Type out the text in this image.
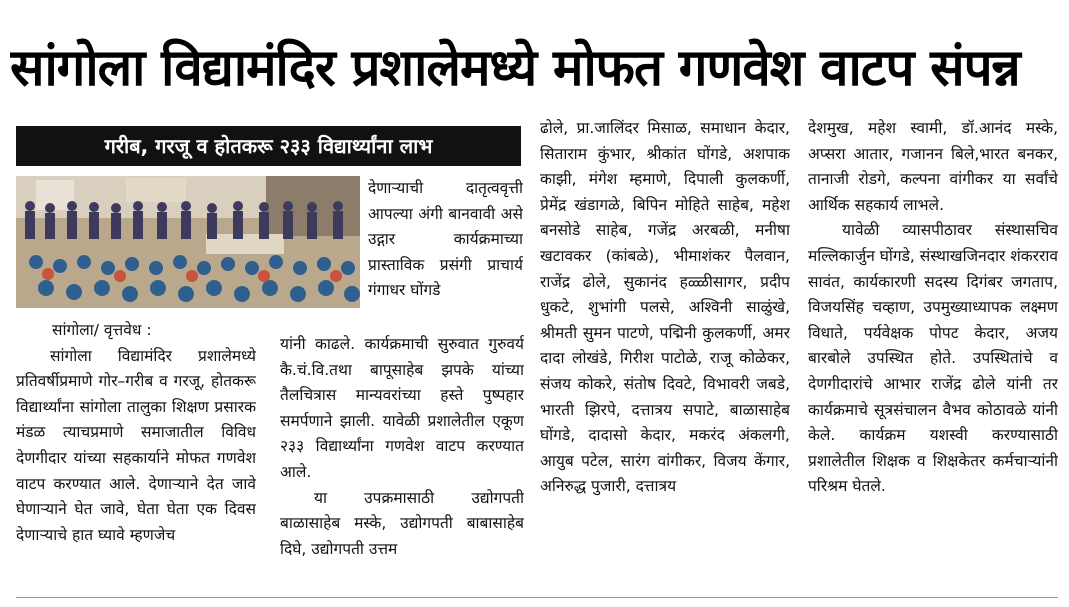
सांगोला विद्यामंदिर प्रशालेमध्ये मोफत गणवेश वाटप संपन्न
गरीब, गरजू व होतकरू २३३ विद्यार्थ्यांना लाभ

सांगोला/ वृत्तवेध :

सांगोला विद्यामंदिर प्रशालेमध्ये प्रतिवर्षीप्रमाणे गोर–गरीब व गरजू, होतकरू विद्यार्थ्यांना सांगोला तालुका शिक्षण प्रसारक मंडळ त्याचप्रमाणे समाजातील विविध देणगीदार यांच्या सहकार्याने मोफत गणवेश वाटप करण्यात आले. देणाऱ्याने देत जावे घेणाऱ्याने घेत जावे, घेता घेता एक दिवस देणाऱ्याचे हात घ्यावे म्हणजेच

देणाऱ्याची दातृत्ववृत्ती आपल्या अंगी बानवावी असे उद्गार कार्यक्रमाच्या प्रास्ताविक प्रसंगी प्राचार्य गंगाधर घोंगडे

यांनी काढले. कार्यक्रमाची सुरुवात गुरुवर्य कै.चं.वि.तथा बापूसाहेब झपके यांच्या तैलचित्रास मान्यवरांच्या हस्ते पुष्पहार समर्पणाने झाली. यावेळी प्रशालेतील एकूण २३३ विद्यार्थ्यांना गणवेश वाटप करण्यात आले.

या उपक्रमासाठी उद्योगपती बाळासाहेब मस्के, उद्योगपती बाबासाहेब दिघे, उद्योगपती उत्तम

ढोले, प्रा.जालिंदर मिसाळ, समाधान केदार, सिताराम कुंभार, श्रीकांत घोंगडे, अशपाक काझी, मंगेश म्हमाणे, दिपाली कुलकर्णी, प्रेमेंद्र खंडागळे, बिपिन मोहिते साहेब, महेश बनसोडे साहेब, गजेंद्र अरबळी, मनीषा खटावकर (कांबळे), भीमाशंकर पैलवान, राजेंद्र ढोले, सुकानंद हळ्ळीसागर, प्रदीप धुकटे, शुभांगी पलसे, अश्विनी साळुंखे, श्रीमती सुमन पाटणे, पद्मिनी कुलकर्णी, अमर दादा लोखंडे, गिरीश पाटोळे, राजू कोळेकर, संजय कोकरे, संतोष दिवटे, विभावरी जबडे, भारती झिरपे, दत्तात्रय सपाटे, बाळासाहेब घोंगडे, दादासो केदार, मकरंद अंकलगी, आयुब पटेल, सारंग वांगीकर, विजय केंगार, अनिरुद्ध पुजारी, दत्तात्रय

देशमुख, महेश स्वामी, डॉ.आनंद मस्के, अप्सरा आतार, गजानन बिले,भारत बनकर, तानाजी रोडगे, कल्पना वांगीकर या सर्वांचे आर्थिक सहकार्य लाभले.

यावेळी व्यासपीठावर संस्थासचिव मल्लिकार्जुन घोंगडे, संस्थाखजिनदार शंकरराव सावंत, कार्यकारणी सदस्य दिगंबर जगताप, विजयसिंह चव्हाण, उपमुख्याध्यापक लक्ष्मण विधाते, पर्यवेक्षक पोपट केदार, अजय बारबोले उपस्थित होते. उपस्थितांचे व देणगीदारांचे आभार राजेंद्र ढोले यांनी तर कार्यक्रमाचे सूत्रसंचालन वैभव कोठावळे यांनी केले. कार्यक्रम यशस्वी करण्यासाठी प्रशालेतील शिक्षक व शिक्षकेतर कर्मचाऱ्यांनी परिश्रम घेतले.
